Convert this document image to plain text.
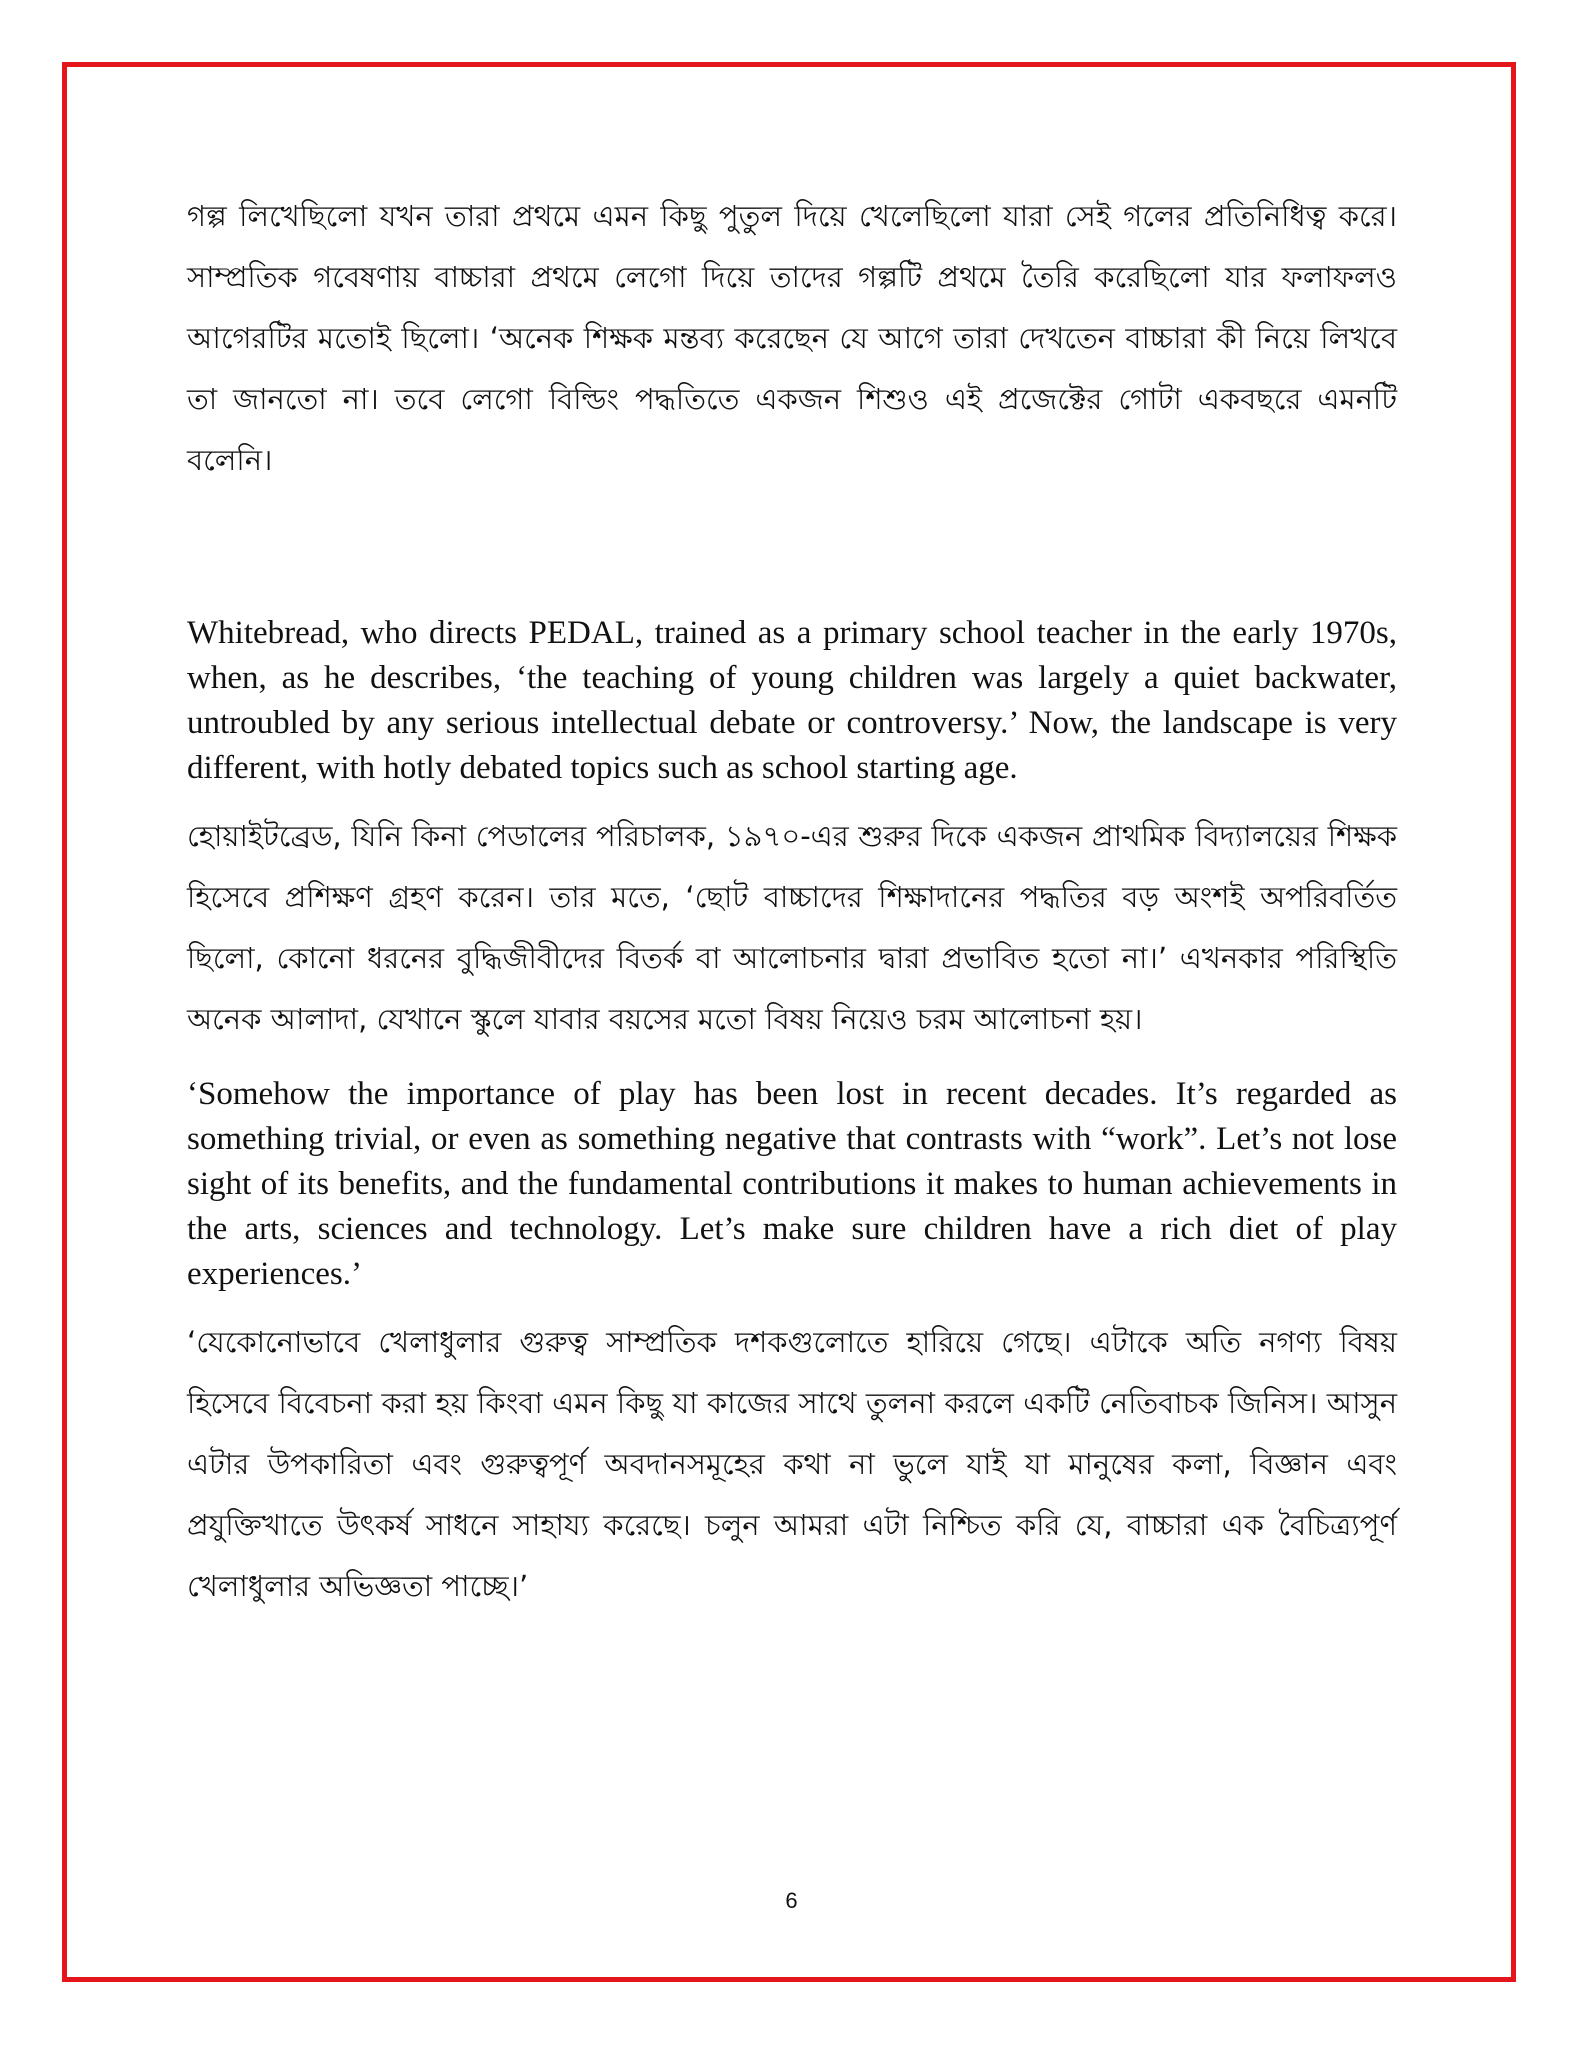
গল্প লিখেছিলো যখন তারা প্রথমে এমন কিছু পুতুল দিয়ে খেলেছিলো যারা সেই গলের প্রতিনিধিত্ব করে। সাম্প্রতিক গবেষণায় বাচ্চারা প্রথমে লেগো দিয়ে তাদের গল্পটি প্রথমে তৈরি করেছিলো যার ফলাফলও আগেরটির মতোই ছিলো। ‘অনেক শিক্ষক মন্তব্য করেছেন যে আগে তারা দেখতেন বাচ্চারা কী নিয়ে লিখবে তা জানতো না। তবে লেগো বিল্ডিং পদ্ধতিতে একজন শিশুও এই প্রজেক্টের গোটা একবছরে এমনটি বলেনি।

Whitebread, who directs PEDAL, trained as a primary school teacher in the early 1970s, when, as he describes, ‘the teaching of young children was largely a quiet backwater, untroubled by any serious intellectual debate or controversy.’ Now, the landscape is very different, with hotly debated topics such as school starting age.

হোয়াইটব্রেড, যিনি কিনা পেডালের পরিচালক, ১৯৭০-এর শুরুর দিকে একজন প্রাথমিক বিদ্যালয়ের শিক্ষক হিসেবে প্রশিক্ষণ গ্রহণ করেন। তার মতে, ‘ছোট বাচ্চাদের শিক্ষাদানের পদ্ধতির বড় অংশই অপরিবর্তিত ছিলো, কোনো ধরনের বুদ্ধিজীবীদের বিতর্ক বা আলোচনার দ্বারা প্রভাবিত হতো না।’ এখনকার পরিস্থিতি অনেক আলাদা, যেখানে স্কুলে যাবার বয়সের মতো বিষয় নিয়েও চরম আলোচনা হয়।

‘Somehow the importance of play has been lost in recent decades. It’s regarded as something trivial, or even as something negative that contrasts with “work”. Let’s not lose sight of its benefits, and the fundamental contributions it makes to human achievements in the arts, sciences and technology. Let’s make sure children have a rich diet of play experiences.’

‘যেকোনোভাবে খেলাধুলার গুরুত্ব সাম্প্রতিক দশকগুলোতে হারিয়ে গেছে। এটাকে অতি নগণ্য বিষয় হিসেবে বিবেচনা করা হয় কিংবা এমন কিছু যা কাজের সাথে তুলনা করলে একটি নেতিবাচক জিনিস। আসুন এটার উপকারিতা এবং গুরুত্বপূর্ণ অবদানসমূহের কথা না ভুলে যাই যা মানুষের কলা, বিজ্ঞান এবং প্রযুক্তিখাতে উৎকর্ষ সাধনে সাহায্য করেছে। চলুন আমরা এটা নিশ্চিত করি যে, বাচ্চারা এক বৈচিত্র্যপূর্ণ খেলাধুলার অভিজ্ঞতা পাচ্ছে।’

6
